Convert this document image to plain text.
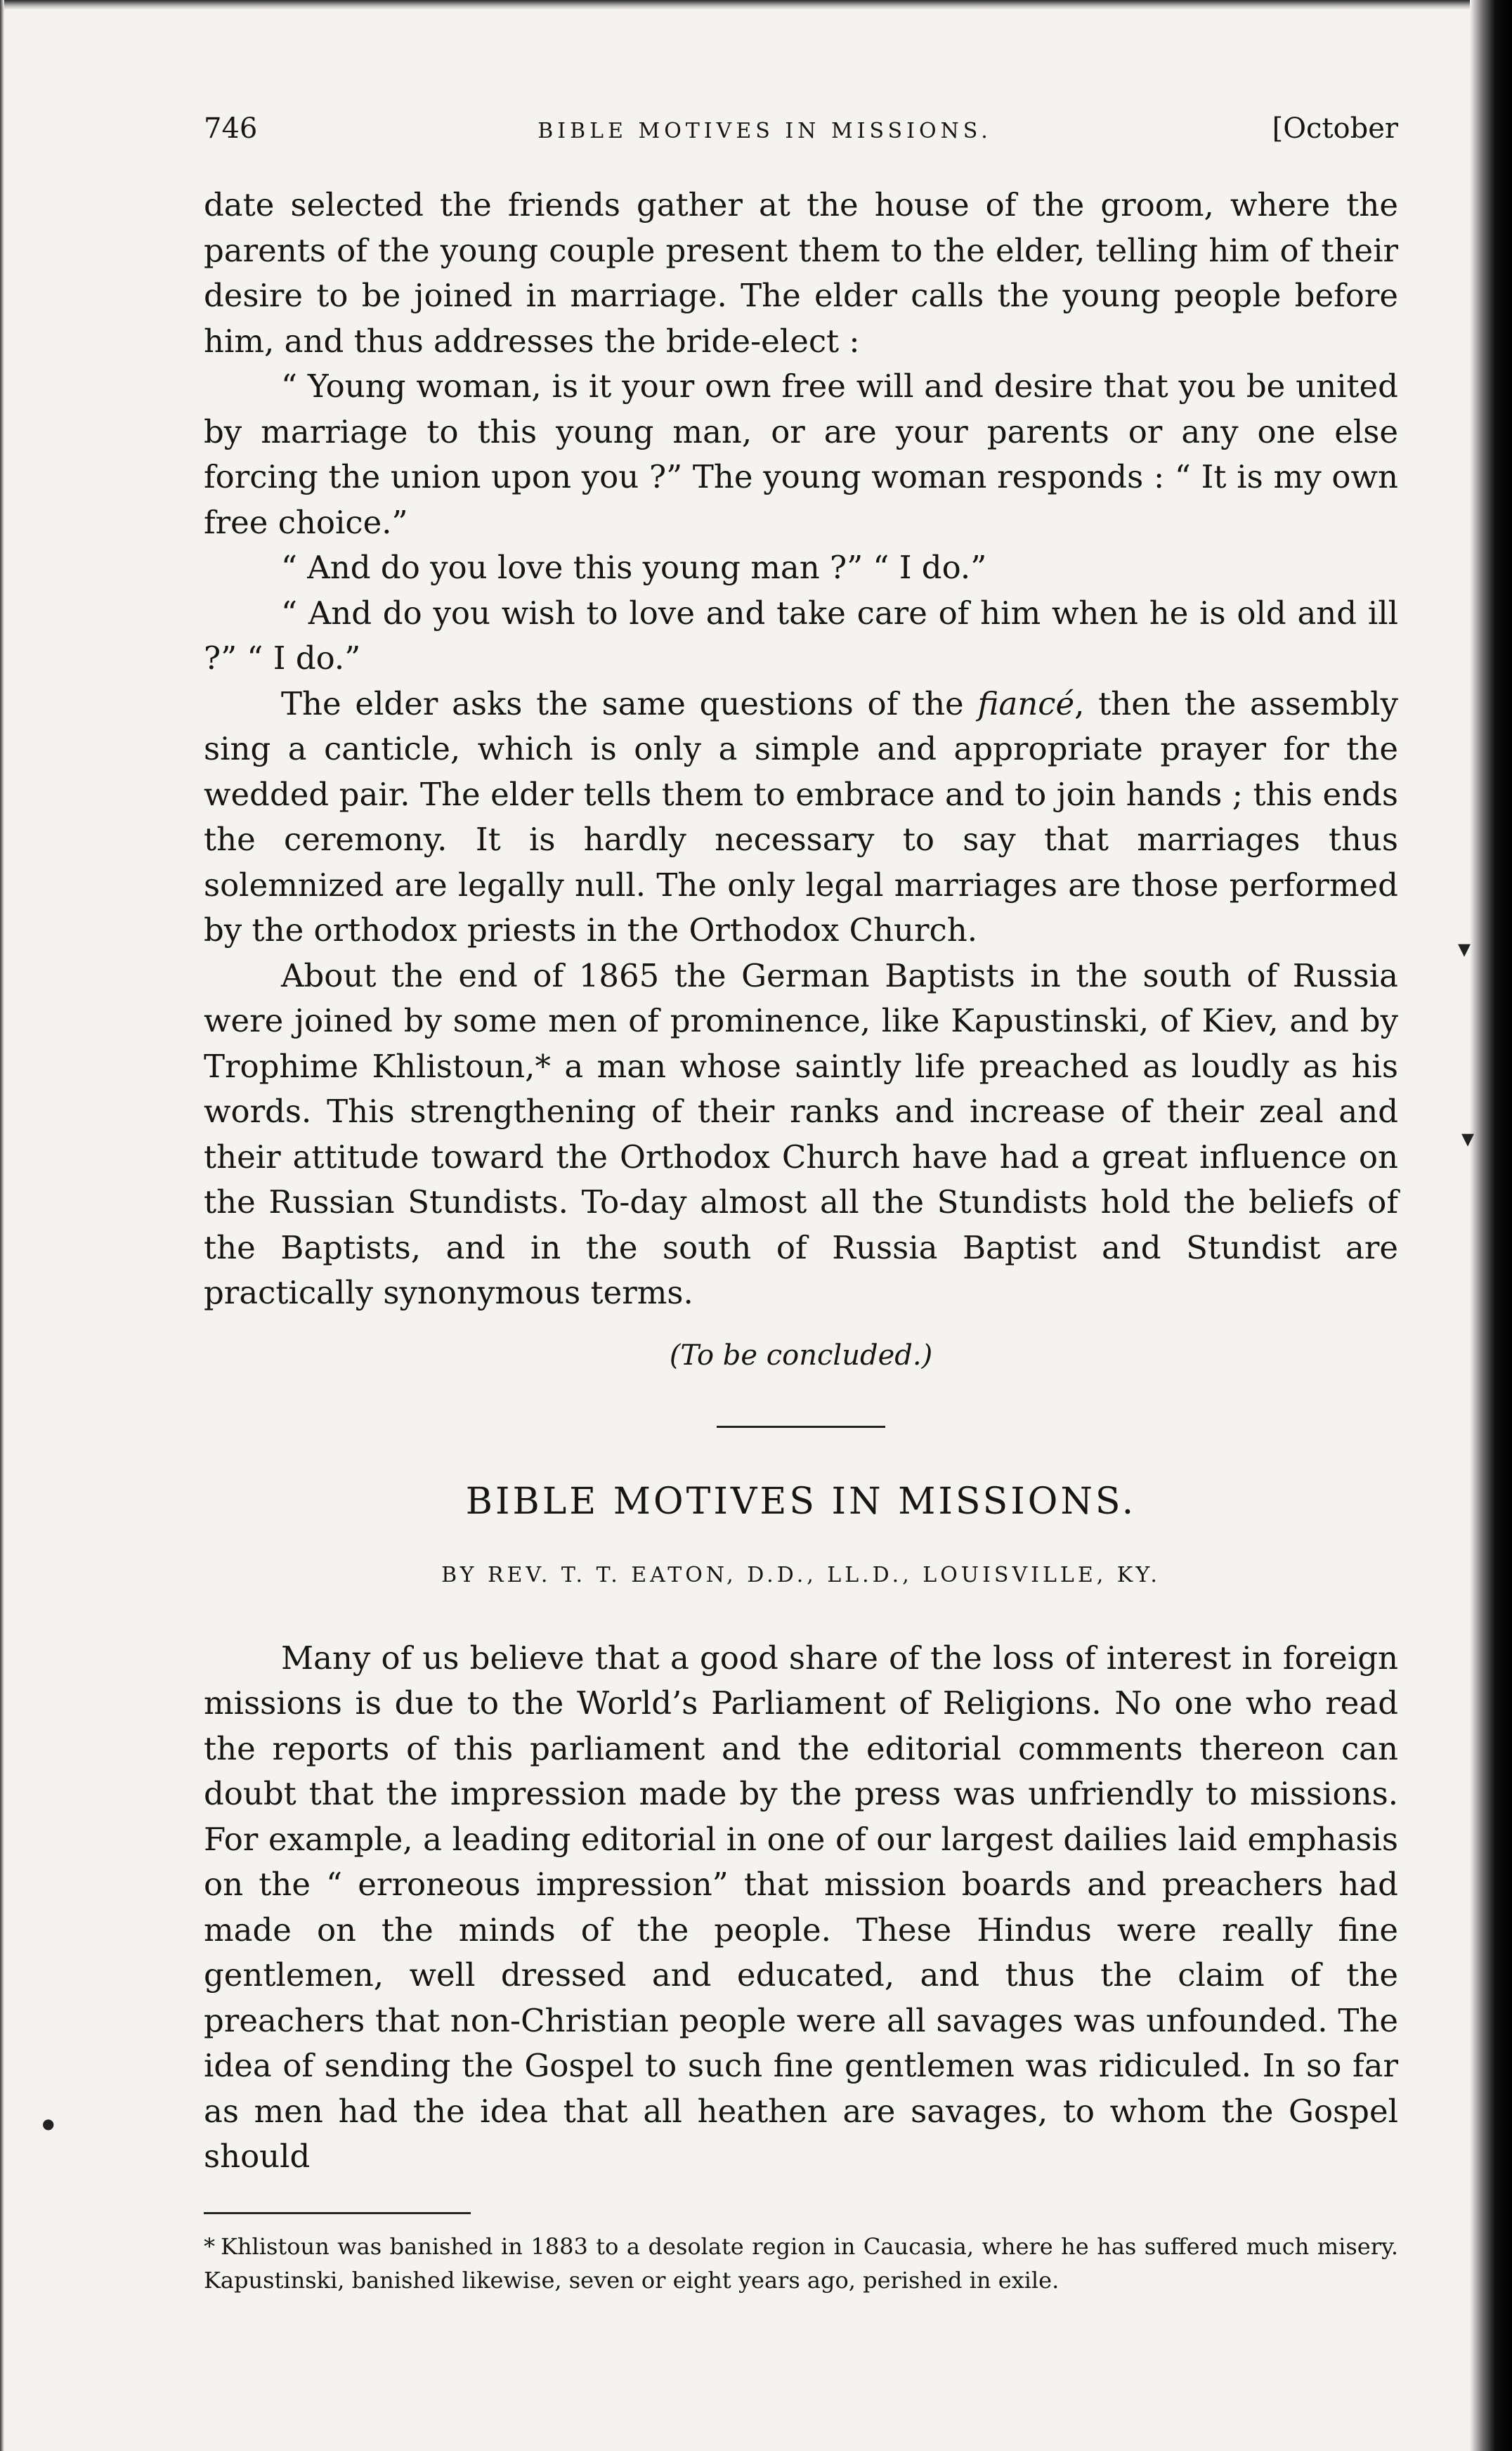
▾
▾
●
746	BIBLE MOTIVES IN MISSIONS.	[October

date selected the friends gather at the house of the groom, where the parents of the young couple present them to the elder, telling him of their desire to be joined in marriage. The elder calls the young people before him, and thus addresses the bride-elect :

“ Young woman, is it your own free will and desire that you be united by marriage to this young man, or are your parents or any one else forcing the union upon you ?” The young woman responds : “ It is my own free choice.”

“ And do you love this young man ?” “ I do.”

“ And do you wish to love and take care of him when he is old and ill ?” “ I do.”

The elder asks the same questions of the fiancé, then the assembly sing a canticle, which is only a simple and appropriate prayer for the wedded pair. The elder tells them to embrace and to join hands ; this ends the ceremony. It is hardly necessary to say that marriages thus solemnized are legally null. The only legal marriages are those performed by the orthodox priests in the Orthodox Church.

About the end of 1865 the German Baptists in the south of Russia were joined by some men of prominence, like Kapustinski, of Kiev, and by Trophime Khlistoun,* a man whose saintly life preached as loudly as his words. This strengthening of their ranks and increase of their zeal and their attitude toward the Orthodox Church have had a great influence on the Russian Stundists. To-day almost all the Stundists hold the beliefs of the Baptists, and in the south of Russia Baptist and Stundist are practically synonymous terms.

(To be concluded.)
BIBLE MOTIVES IN MISSIONS.
BY REV. T. T. EATON, D.D., LL.D., LOUISVILLE, KY.

Many of us believe that a good share of the loss of interest in foreign missions is due to the World’s Parliament of Religions. No one who read the reports of this parliament and the editorial comments thereon can doubt that the impression made by the press was unfriendly to missions. For example, a leading editorial in one of our largest dailies laid emphasis on the “ erroneous impression” that mission boards and preachers had made on the minds of the people. These Hindus were really fine gentlemen, well dressed and educated, and thus the claim of the preachers that non-Christian people were all savages was unfounded. The idea of sending the Gospel to such fine gentlemen was ridiculed. In so far as men had the idea that all heathen are savages, to whom the Gospel should

* Khlistoun was banished in 1883 to a desolate region in Caucasia, where he has suffered much misery. Kapustinski, banished likewise, seven or eight years ago, perished in exile.
